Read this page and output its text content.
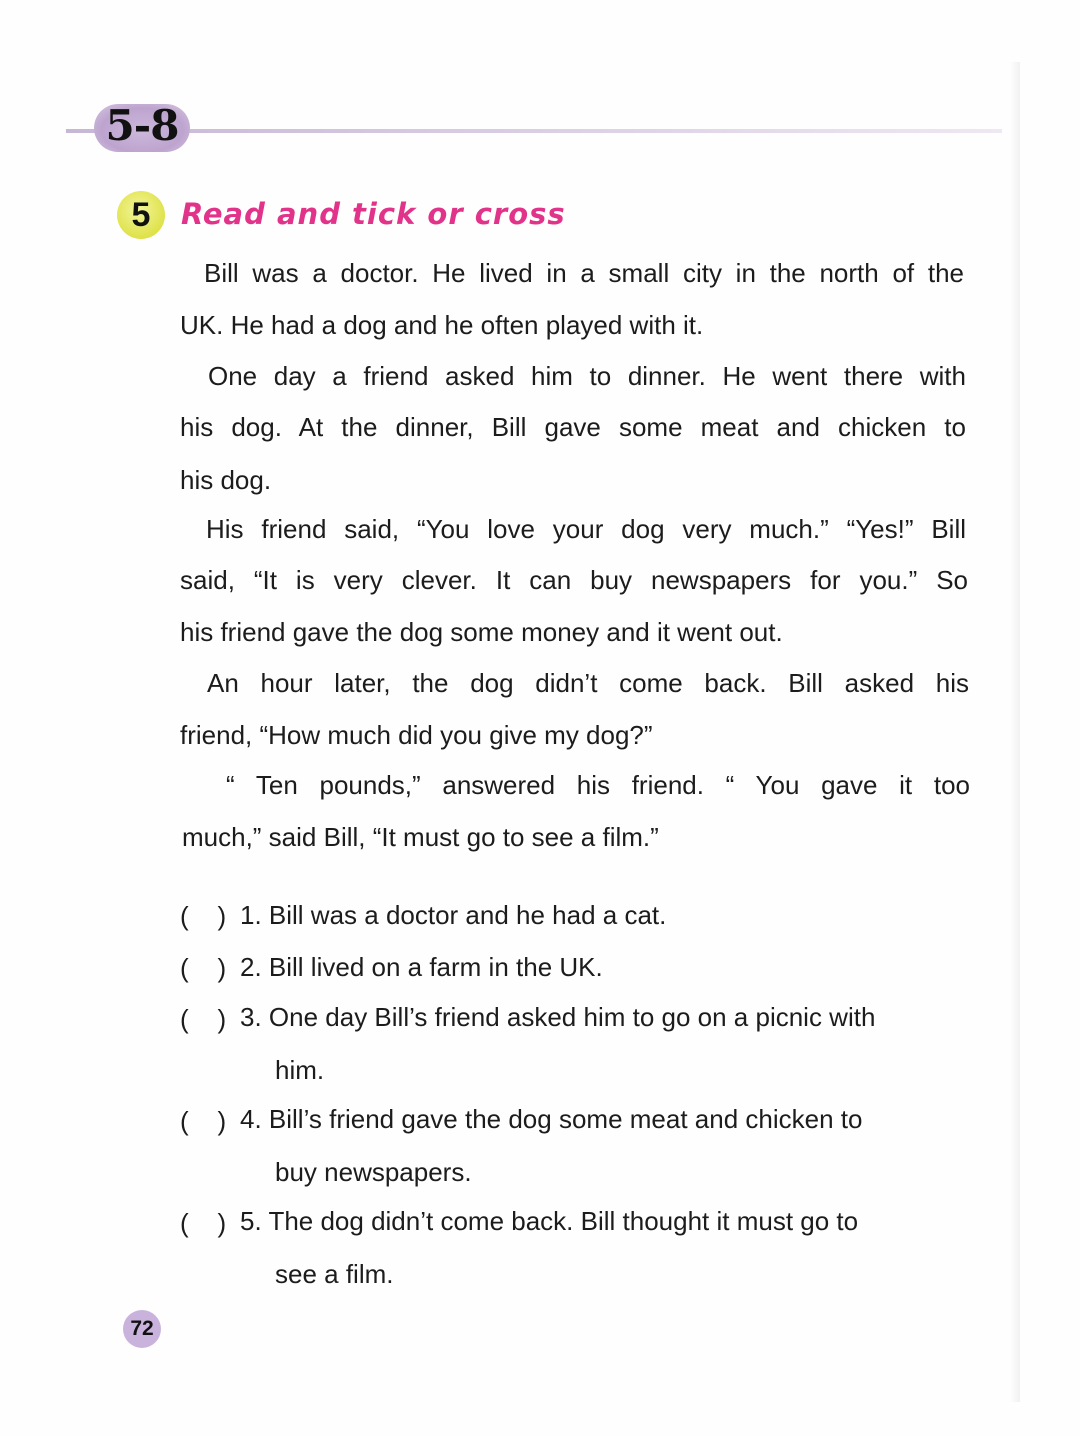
5-8
5	Read and tick or cross
Bill was a doctor. He lived in a small city in the north of the
UK. He had a dog and he often played with it.
One day a friend asked him to dinner. He went there with
his dog. At the dinner, Bill gave some meat and chicken to
his dog.
His friend said, “You love your dog very much.” “Yes!” Bill
said, “It is very clever. It can buy newspapers for you.” So
his friend gave the dog some money and it went out.
An hour later, the dog didn’t come back. Bill asked his
friend, “How much did you give my dog?”
“ Ten pounds,” answered his friend. “ You gave it too
much,” said Bill, “It must go to see a film.”
(    ) 1. Bill was a doctor and he had a cat.
(    ) 2. Bill lived on a farm in the UK.
(    ) 3. One day Bill’s friend asked him to go on a picnic with
him.
(    ) 4. Bill’s friend gave the dog some meat and chicken to
buy newspapers.
(    ) 5. The dog didn’t come back. Bill thought it must go to
see a film.
72
